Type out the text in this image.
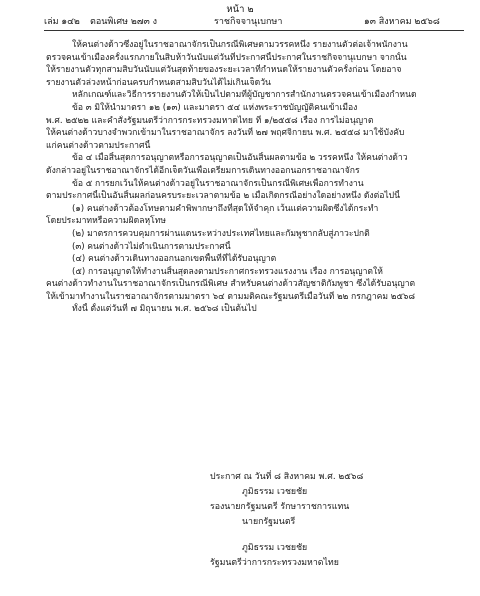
หน้า ๒
เล่ม ๑๔๒ ตอนพิเศษ ๒๗๓ ง	ราชกิจจานุเบกษา	๑๓ สิงหาคม ๒๕๖๘

ให้คนต่างด้าวซึ่งอยู่ในราชอาณาจักรเป็นกรณีพิเศษตามวรรคหนึ่ง รายงานตัวต่อเจ้าพนักงาน

ตรวจคนเข้าเมืองครั้งแรกภายในสิบห้าวันนับแต่วันที่ประกาศนี้ประกาศในราชกิจจานุเบกษา จากนั้น

ให้รายงานตัวทุกสามสิบวันนับแต่วันสุดท้ายของระยะเวลาที่กำหนดให้รายงานตัวครั้งก่อน โดยอาจ

รายงานตัวล่วงหน้าก่อนครบกำหนดสามสิบวันได้ไม่เกินเจ็ดวัน

หลักเกณฑ์และวิธีการรายงานตัวให้เป็นไปตามที่ผู้บัญชาการสำนักงานตรวจคนเข้าเมืองกำหนด

ข้อ ๓ มิให้นำมาตรา ๑๒ (๑๓) และมาตรา ๕๔ แห่งพระราชบัญญัติคนเข้าเมือง

พ.ศ. ๒๕๒๒ และคำสั่งรัฐมนตรีว่าการกระทรวงมหาดไทย ที่ ๑/๒๕๕๘ เรื่อง การไม่อนุญาต

ให้คนต่างด้าวบางจำพวกเข้ามาในราชอาณาจักร ลงวันที่ ๒๗ พฤศจิกายน พ.ศ. ๒๕๕๘ มาใช้บังคับ

แก่คนต่างด้าวตามประกาศนี้

ข้อ ๔ เมื่อสิ้นสุดการอนุญาตหรือการอนุญาตเป็นอันสิ้นผลตามข้อ ๒ วรรคหนึ่ง ให้คนต่างด้าว

ดังกล่าวอยู่ในราชอาณาจักรได้อีกเจ็ดวันเพื่อเตรียมการเดินทางออกนอกราชอาณาจักร

ข้อ ๕ การยกเว้นให้คนต่างด้าวอยู่ในราชอาณาจักรเป็นกรณีพิเศษเพื่อการทำงาน

ตามประกาศนี้เป็นอันสิ้นผลก่อนครบระยะเวลาตามข้อ ๒ เมื่อเกิดกรณีอย่างใดอย่างหนึ่ง ดังต่อไปนี้

(๑) คนต่างด้าวต้องโทษตามคำพิพากษาถึงที่สุดให้จำคุก เว้นแต่ความผิดซึ่งได้กระทำ

โดยประมาทหรือความผิดลหุโทษ

(๒) มาตรการควบคุมการผ่านแดนระหว่างประเทศไทยและกัมพูชากลับสู่ภาวะปกติ

(๓) คนต่างด้าวไม่ดำเนินการตามประกาศนี้

(๔) คนต่างด้าวเดินทางออกนอกเขตพื้นที่ที่ได้รับอนุญาต

(๕) การอนุญาตให้ทำงานสิ้นสุดลงตามประกาศกระทรวงแรงงาน เรื่อง การอนุญาตให้

คนต่างด้าวทำงานในราชอาณาจักรเป็นกรณีพิเศษ สำหรับคนต่างด้าวสัญชาติกัมพูชา ซึ่งได้รับอนุญาต

ให้เข้ามาทำงานในราชอาณาจักรตามมาตรา ๖๔ ตามมติคณะรัฐมนตรีเมื่อวันที่ ๒๒ กรกฎาคม ๒๕๖๘

ทั้งนี้ ตั้งแต่วันที่ ๗ มิถุนายน พ.ศ. ๒๕๖๘ เป็นต้นไป

ประกาศ ณ วันที่ ๘ สิงหาคม พ.ศ. ๒๕๖๘
ภูมิธรรม เวชยชัย
รองนายกรัฐมนตรี รักษาราชการแทน
นายกรัฐมนตรี
ภูมิธรรม เวชยชัย
รัฐมนตรีว่าการกระทรวงมหาดไทย
